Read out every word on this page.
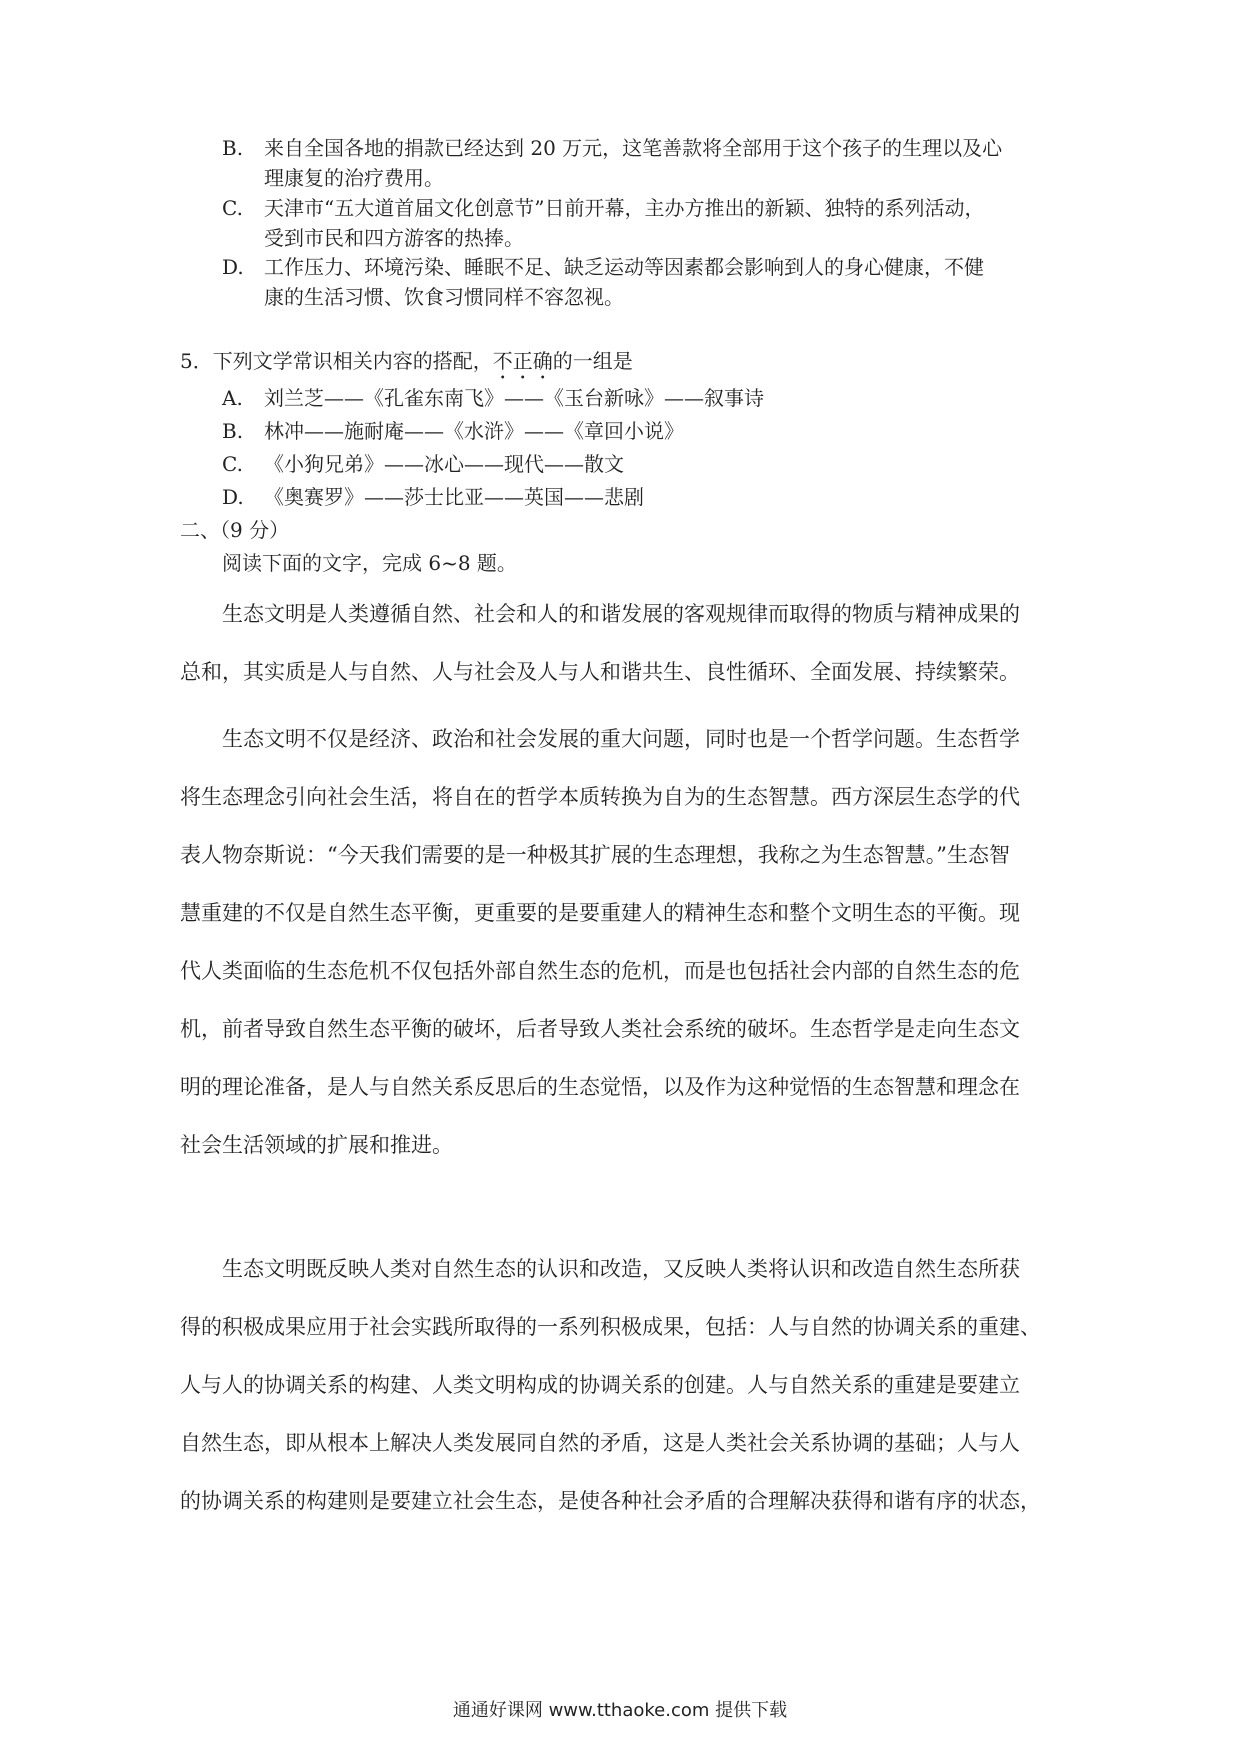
B.	来自全国各地的捐款已经达到 20 万元，这笔善款将全部用于这个孩子的生理以及心
理康复的治疗费用。
C.	天津市“五大道首届文化创意节”日前开幕，主办方推出的新颖、独特的系列活动，
受到市民和四方游客的热捧。
D.	工作压力、环境污染、睡眠不足、缺乏运动等因素都会影响到人的身心健康，不健
康的生活习惯、饮食习惯同样不容忽视。
5．下列文学常识相关内容的搭配，不正确的一组是
A.	刘兰芝——《孔雀东南飞》——《玉台新咏》——叙事诗
B.	林冲——施耐庵——《水浒》——《章回小说》
C.	《小狗兄弟》——冰心——现代——散文
D.	《奥赛罗》——莎士比亚——英国——悲剧
二、（9 分）
阅读下面的文字，完成 6~8 题。
生态文明是人类遵循自然、社会和人的和谐发展的客观规律而取得的物质与精神成果的
总和，其实质是人与自然、人与社会及人与人和谐共生、良性循环、全面发展、持续繁荣。
生态文明不仅是经济、政治和社会发展的重大问题，同时也是一个哲学问题。生态哲学
将生态理念引向社会生活，将自在的哲学本质转换为自为的生态智慧。西方深层生态学的代
表人物奈斯说：“今天我们需要的是一种极其扩展的生态理想，我称之为生态智慧。”生态智
慧重建的不仅是自然生态平衡，更重要的是要重建人的精神生态和整个文明生态的平衡。现
代人类面临的生态危机不仅包括外部自然生态的危机，而是也包括社会内部的自然生态的危
机，前者导致自然生态平衡的破坏，后者导致人类社会系统的破坏。生态哲学是走向生态文
明的理论准备，是人与自然关系反思后的生态觉悟，以及作为这种觉悟的生态智慧和理念在
社会生活领域的扩展和推进。
生态文明既反映人类对自然生态的认识和改造，又反映人类将认识和改造自然生态所获
得的积极成果应用于社会实践所取得的一系列积极成果，包括：人与自然的协调关系的重建、
人与人的协调关系的构建、人类文明构成的协调关系的创建。人与自然关系的重建是要建立
自然生态，即从根本上解决人类发展同自然的矛盾，这是人类社会关系协调的基础；人与人
的协调关系的构建则是要建立社会生态，是使各种社会矛盾的合理解决获得和谐有序的状态，
通通好课网 www.tthaoke.com 提供下载
